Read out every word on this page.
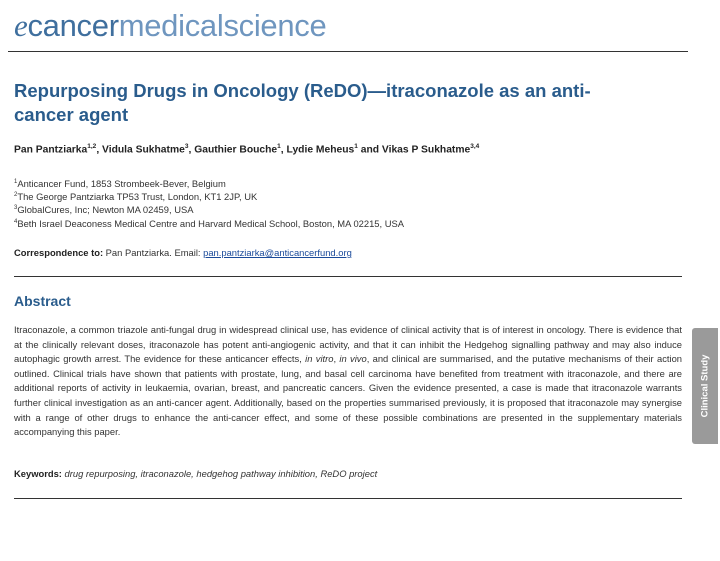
ecancermedicalscience
Repurposing Drugs in Oncology (ReDO)—itraconazole as an anti-cancer agent
Pan Pantziarka$^{1,2}$, Vidula Sukhatme$^3$, Gauthier Bouche$^1$, Lydie Meheus$^1$ and Vikas P Sukhatme$^{3,4}$
$^1$Anticancer Fund, 1853 Strombeek-Bever, Belgium
$^2$The George Pantziarka TP53 Trust, London, KT1 2JP, UK
$^3$GlobalCures, Inc; Newton MA 02459, USA
$^4$Beth Israel Deaconess Medical Centre and Harvard Medical School, Boston, MA 02215, USA
Correspondence to: Pan Pantziarka. Email: pan.pantziarka@anticancerfund.org
Abstract
Itraconazole, a common triazole anti-fungal drug in widespread clinical use, has evidence of clinical activity that is of interest in oncology. There is evidence that at the clinically relevant doses, itraconazole has potent anti-angiogenic activity, and that it can inhibit the Hedgehog signalling pathway and may also induce autophagic growth arrest. The evidence for these anticancer effects, in vitro, in vivo, and clinical are summarised, and the putative mechanisms of their action outlined. Clinical trials have shown that patients with prostate, lung, and basal cell carcinoma have benefited from treatment with itraconazole, and there are additional reports of activity in leukaemia, ovarian, breast, and pancreatic cancers. Given the evidence presented, a case is made that itraconazole warrants further clinical investigation as an anti-cancer agent. Additionally, based on the properties summarised previously, it is proposed that itraconazole may synergise with a range of other drugs to enhance the anti-cancer effect, and some of these possible combinations are presented in the supplementary materials accompanying this paper.
Keywords: drug repurposing, itraconazole, hedgehog pathway inhibition, ReDO project
Clinical Study
